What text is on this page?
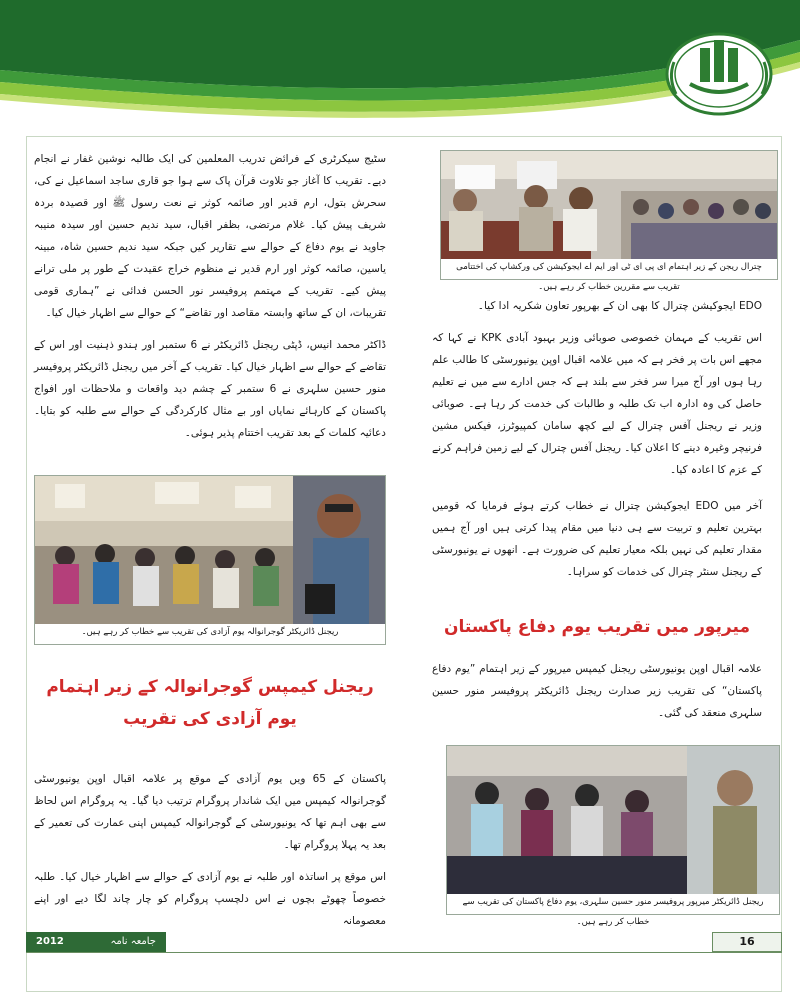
چترال ریجن کے زیر اہتمام ای پی ای ٹی اور ایم اے ایجوکیشن کی ورکشاپ کی اختتامی تقریب سے مقررین خطاب کر رہے ہیں۔
ریجنل ڈائریکٹر گوجرانوالہ یوم آزادی کی تقریب سے خطاب کر رہے ہیں۔
ریجنل ڈائریکٹر میرپور پروفیسر منور حسین سلہری، یوم دفاع پاکستان کی تقریب سے خطاب کر رہے ہیں۔

سٹیج سیکرٹری کے فرائض تدریب المعلمین کی ایک طالبہ نوشین غفار نے انجام دیے۔ تقریب کا آغاز جو تلاوت قرآن پاک سے ہوا جو قاری ساجد اسماعیل نے کی، سحرش بتول، ارم قدیر اور صائمہ کوثر نے نعت رسول ﷺ اور قصیدہ بردہ شریف پیش کیا۔ غلام مرتضی، بظفر اقبال، سید ندیم حسین اور سیدہ منیبہ جاوید نے یوم دفاع کے حوالے سے تقاریر کیں جبکہ سید ندیم حسین شاہ، مبینہ یاسین، صائمہ کوثر اور ارم قدیر نے منظوم خراج عقیدت کے طور پر ملی ترانے پیش کیے۔ تقریب کے مہتمم پروفیسر نور الحسن فدائی نے ”ہماری قومی تقریبات، ان کے ساتھ وابستہ مقاصد اور تقاضے“ کے حوالے سے اظہار خیال کیا۔

ڈاکٹر محمد انیس، ڈپٹی ریجنل ڈائریکٹر نے 6 ستمبر اور ہندو ذہنیت اور اس کے تقاضے کے حوالے سے اظہار خیال کیا۔ تقریب کے آخر میں ریجنل ڈائریکٹر پروفیسر منور حسین سلہری نے 6 ستمبر کے چشم دید واقعات و ملاحظات اور افواج پاکستان کے کارہائے نمایاں اور بے مثال کارکردگی کے حوالے سے طلبہ کو بتایا۔ دعائیہ کلمات کے بعد تقریب اختتام پذیر ہوئی۔

EDO ایجوکیشن چترال کا بھی ان کے بھرپور تعاون شکریہ ادا کیا۔

اس تقریب کے مہمان خصوصی صوبائی وزیر بہبود آبادی KPK نے کہا کہ مجھے اس بات پر فخر ہے کہ میں علامہ اقبال اوپن یونیورسٹی کا طالب علم رہا ہوں اور آج میرا سر فخر سے بلند ہے کہ جس ادارے سے میں نے تعلیم حاصل کی وہ ادارہ اب تک طلبہ و طالبات کی خدمت کر رہا ہے۔ صوبائی وزیر نے ریجنل آفس چترال کے لیے کچھ سامان کمپیوٹرز، فیکس مشین فرنیچر وغیرہ دینے کا اعلان کیا۔ ریجنل آفس چترال کے لیے زمین فراہم کرنے کے عزم کا اعادہ کیا۔

آخر میں EDO ایجوکیشن چترال نے خطاب کرتے ہوئے فرمایا کہ قومیں بہترین تعلیم و تربیت سے ہی دنیا میں مقام پیدا کرتی ہیں اور آج ہمیں مقدار تعلیم کی نہیں بلکہ معیار تعلیم کی ضرورت ہے۔ انھوں نے یونیورسٹی کے ریجنل سنٹر چترال کی خدمات کو سراہا۔

میرپور میں تقریب یوم دفاع پاکستان
ریجنل کیمپس گوجرانوالہ کے زیر اہتمام
یوم آزادی کی تقریب

علامہ اقبال اوپن یونیورسٹی ریجنل کیمپس میرپور کے زیر اہتمام ”یوم دفاع پاکستان“ کی تقریب زیر صدارت ریجنل ڈائریکٹر پروفیسر منور حسین سلہری منعقد کی گئی۔

پاکستان کے 65 ویں یوم آزادی کے موقع پر علامہ اقبال اوپن یونیورسٹی گوجرانوالہ کیمپس میں ایک شاندار پروگرام ترتیب دیا گیا۔ یہ پروگرام اس لحاظ سے بھی اہم تھا کہ یونیورسٹی کے گوجرانوالہ کیمپس اپنی عمارت کی تعمیر کے بعد یہ پہلا پروگرام تھا۔

اس موقع پر اساتذہ اور طلبہ نے یوم آزادی کے حوالے سے اظہار خیال کیا۔ طلبہ خصوصاً چھوٹے بچوں نے اس دلچسپ پروگرام کو چار چاند لگا دیے اور اپنے معصومانہ

2012	جامعہ نامہ	16
